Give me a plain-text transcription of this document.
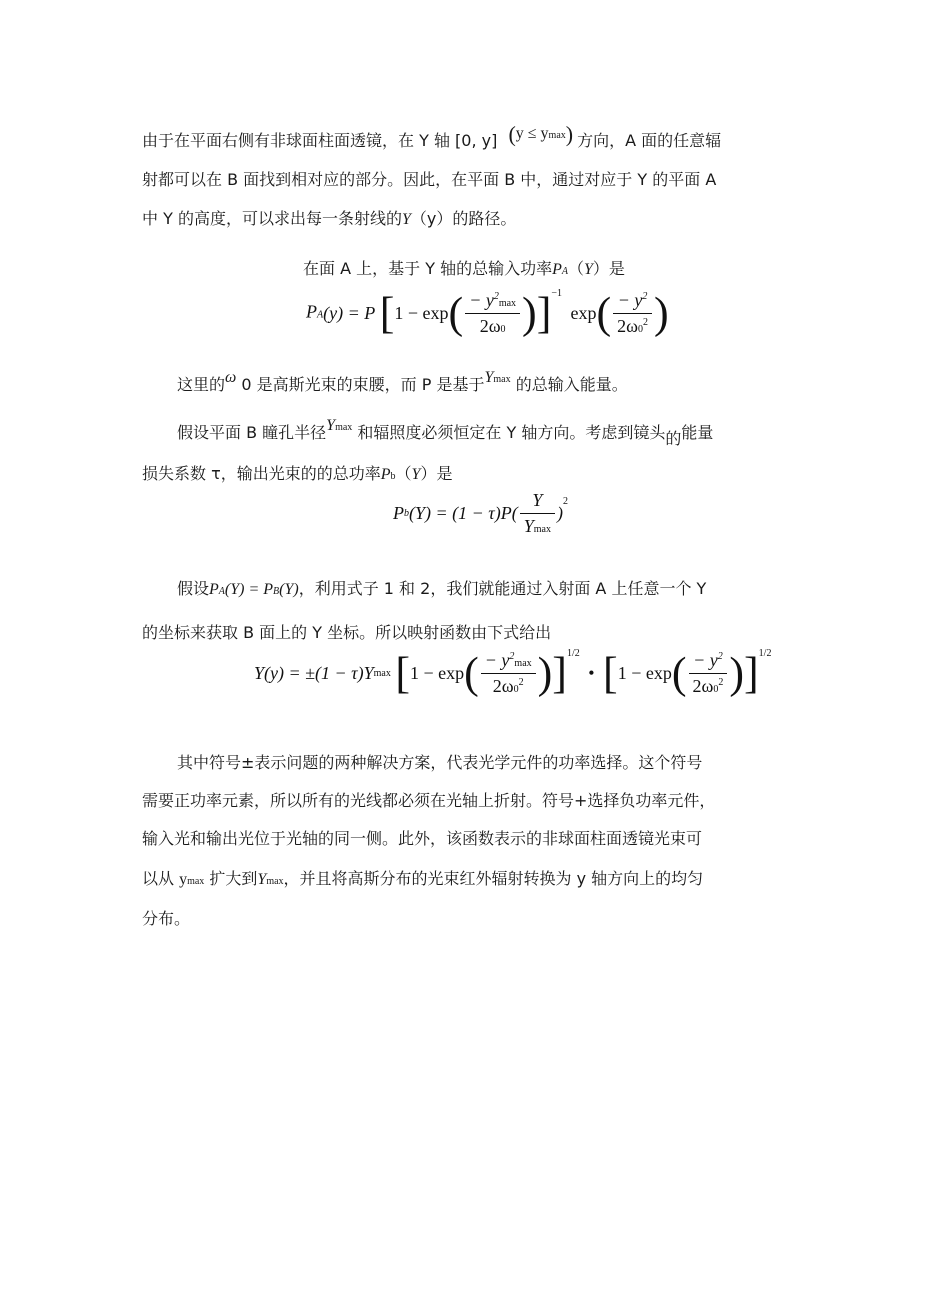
由于在平面右侧有非球面柱面透镜，在 Y 轴 [0, y] (y ≤ ymax) 方向，A 面的任意辐
射都可以在 B 面找到相对应的部分。因此，在平面 B 中，通过对应于 Y 的平面 A
中 Y 的高度，可以求出每一条射线的Y（y）的路径。
在面 A 上，基于 Y 轴的总输入功率PA（Y）是
PA(y) = P $[1 - \exp( \frac{- y^2\max}{2\omega 0} )]^{-1}$ $\exp( \frac{- y^2}{2\omega 0^2}$ )
这里的ω 0 是高斯光束的束腰，而 P 是基于$Y^{max}$ 的总输入能量。
假设平面 B 瞳孔半径$Y^{max}$ 和辐照度必须恒定在 Y 轴方向。考虑到镜头的能量
损失系数 τ，输出光束的的总功率Pb（Y）是
$Pb(Y) = (1 - \tau)P( \frac{Y}{Ymax} )^2$
假设PA(Y) = PB(Y)，利用式子 1 和 2，我们就能通过入射面 A 上任意一个 Y
的坐标来获取 B 面上的 Y 坐标。所以映射函数由下式给出
Y(y) = ±(1 − τ)Ymax $[1 - \exp( \frac{- y^2\max}{2\omega 0^2} )]^{1/2}$ • $[1 - \exp( \frac{- y^2}{2\omega 0^2} )]^{1/2}$
其中符号±表示问题的两种解决方案，代表光学元件的功率选择。这个符号
需要正功率元素，所以所有的光线都必须在光轴上折射。符号+选择负功率元件，
输入光和输出光位于光轴的同一侧。此外，该函数表示的非球面柱面透镜光束可
以从 ymax 扩大到Ymax，并且将高斯分布的光束红外辐射转换为 y 轴方向上的均匀
分布。
